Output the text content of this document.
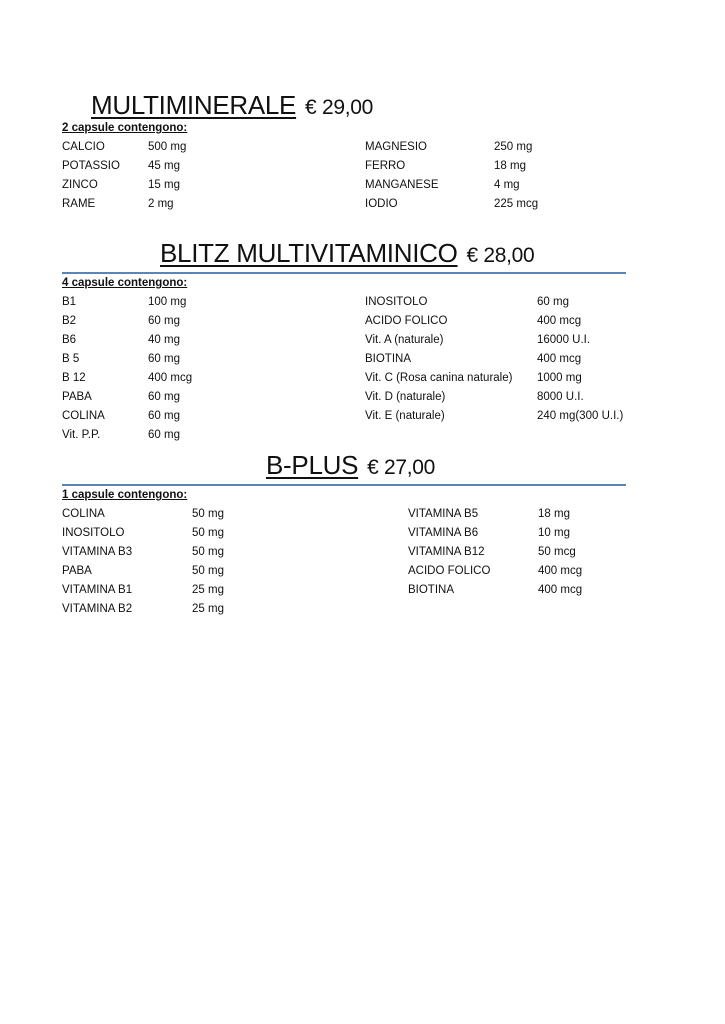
MULTIMINERALE € 29,00
2 capsule contengono:
CALCIO	500 mg
POTASSIO 45 mg
ZINCO	15 mg
RAME	2 mg
MAGNESIO	250 mg
FERRO	18 mg
MANGANESE	4 mg
IODIO	225 mcg
BLITZ MULTIVITAMINICO € 28,00
4 capsule contengono:
B1	100 mg
B2	60 mg
B6	40 mg
B 5	60 mg
B 12	400 mcg
PABA	60 mg
COLINA	60 mg
Vit. P.P.	60 mg
INOSITOLO	60 mg
ACIDO FOLICO	400 mcg
Vit. A (naturale)	16000 U.I.
BIOTINA	400 mcg
Vit. C (Rosa canina naturale) 1000 mg
Vit. D (naturale)	8000 U.I.
Vit. E (naturale)	240 mg(300 U.I.)
B-PLUS € 27,00
1 capsule contengono:
COLINA	50 mg
INOSITOLO	50 mg
VITAMINA B3	50 mg
PABA	50 mg
VITAMINA B1	25 mg
VITAMINA B2	25 mg
VITAMINA B5	18 mg
VITAMINA B6	10 mg
VITAMINA B12	50 mcg
ACIDO FOLICO	400 mcg
BIOTINA	400 mcg
